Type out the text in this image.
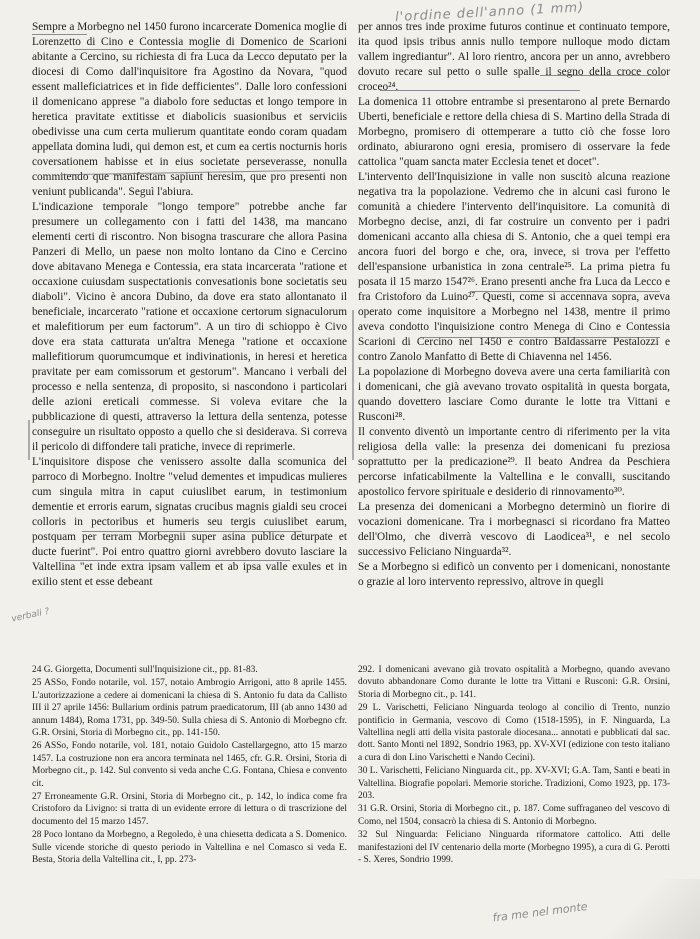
l'ordine dell'anno (1 mm)

Sempre a Morbegno nel 1450 furono incarcerate Domenica moglie di Lorenzetto di Cino e Contessia moglie di Domenico de Scarioni abitante a Cercino, su richiesta di fra Luca da Lecco deputato per la diocesi di Como dall'inquisitore fra Agostino da Novara, "quod essent malleficiatrices et in fide defficientes". Dalle loro confessioni il domenicano apprese "a diabolo fore seductas et longo tempore in heretica pravitate extitisse et diabolicis suasionibus et serviciis obedivisse una cum certa mulierum quantitate eondo coram quadam appellata domina ludi, qui demon est, et cum ea certis nocturnis horis coversationem habisse et in eius societate perseverasse, nonulla commitendo que manifestam sapiunt heresim, que pro presenti non veniunt publicanda". Seguì l'abiura.

L'indicazione temporale "longo tempore" potrebbe anche far presumere un collegamento con i fatti del 1438, ma mancano elementi certi di riscontro. Non bisogna trascurare che allora Pasina Panzeri di Mello, un paese non molto lontano da Cino e Cercino dove abitavano Menega e Contessia, era stata incarcerata "ratione et occaxione cuiusdam suspectationis convesationis bone societatis seu diaboli". Vicino è ancora Dubino, da dove era stato allontanato il beneficiale, incarcerato "ratione et occaxione certorum signaculorum et malefitiorum per eum factorum". A un tiro di schioppo è Civo dove era stata catturata un'altra Menega "ratione et occaxione mallefitiorum quorumcumque et indivinationis, in heresi et heretica pravitate per eam comissorum et gestorum". Mancano i verbali del processo e nella sentenza, di proposito, si nascondono i particolari delle azioni ereticali commesse. Si voleva evitare che la pubblicazione di questi, attraverso la lettura della sentenza, potesse conseguire un risultato opposto a quello che si desiderava. Si correva il pericolo di diffondere tali pratiche, invece di reprimerle.

L'inquisitore dispose che venissero assolte dalla scomunica del parroco di Morbegno. Inoltre "velud dementes et impudicas mulieres cum singula mitra in caput cuiuslibet earum, in testimonium dementie et erroris earum, signatas crucibus magnis gialdi seu crocei colloris in pectoribus et humeris seu tergis cuiuslibet earum, postquam per terram Morbegnii super asina publice deturpate et ducte fuerint". Poi entro quattro giorni avrebbero dovuto lasciare la Valtellina "et inde extra ipsam vallem et ab ipsa valle exules et in exilio stent et esse debeant

per annos tres inde proxime futuros continue et continuato tempore, ita quod ipsis tribus annis nullo tempore nulloque modo dictam vallem ingrediantur". Al loro rientro, ancora per un anno, avrebbero dovuto recare sul petto o sulle spalle il segno della croce color croceo²⁴.

La domenica 11 ottobre entrambe si presentarono al prete Bernardo Uberti, beneficiale e rettore della chiesa di S. Martino della Strada di Morbegno, promisero di ottemperare a tutto ciò che fosse loro ordinato, abiurarono ogni eresia, promisero di osservare la fede cattolica "quam sancta mater Ecclesia tenet et docet".

L'intervento dell'Inquisizione in valle non suscitò alcuna reazione negativa tra la popolazione. Vedremo che in alcuni casi furono le comunità a chiedere l'intervento dell'inquisitore. La comunità di Morbegno decise, anzi, di far costruire un convento per i padri domenicani accanto alla chiesa di S. Antonio, che a quei tempi era ancora fuori del borgo e che, ora, invece, si trova per l'effetto dell'espansione urbanistica in zona centrale²⁵. La prima pietra fu posata il 15 marzo 1547²⁶. Erano presenti anche fra Luca da Lecco e fra Cristoforo da Luino²⁷. Questi, come si accennava sopra, aveva operato come inquisitore a Morbegno nel 1438, mentre il primo aveva condotto l'inquisizione contro Menega di Cino e Contessia Scarioni di Cercino nel 1450 e contro Baldassarre Pestalozzi e contro Zanolo Manfatto di Bette di Chiavenna nel 1456.

La popolazione di Morbegno doveva avere una certa familiarità con i domenicani, che già avevano trovato ospitalità in questa borgata, quando dovettero lasciare Como durante le lotte tra Vittani e Rusconi²⁸.

Il convento diventò un importante centro di riferimento per la vita religiosa della valle: la presenza dei domenicani fu preziosa soprattutto per la predicazione²⁹. Il beato Andrea da Peschiera percorse infaticabilmente la Valtellina e le convalli, suscitando apostolico fervore spirituale e desiderio di rinnovamento³⁰.

La presenza dei domenicani a Morbegno determinò un fiorire di vocazioni domenicane. Tra i morbegnasci si ricordano fra Matteo dell'Olmo, che diverrà vescovo di Laodicea³¹, e nel secolo successivo Feliciano Ninguarda³².

Se a Morbegno si edificò un convento per i domenicani, nonostante o grazie al loro intervento repressivo, altrove in quegli

24 G. Giorgetta, Documenti sull'Inquisizione cit., pp. 81-83.

25 ASSo, Fondo notarile, vol. 157, notaio Ambrogio Arrigoni, atto 8 aprile 1455. L'autorizzazione a cedere ai domenicani la chiesa di S. Antonio fu data da Callisto III il 27 aprile 1456: Bullarium ordinis patrum praedicatorum, III (ab anno 1430 ad annum 1484), Roma 1731, pp. 349-50. Sulla chiesa di S. Antonio di Morbegno cfr. G.R. Orsini, Storia di Morbegno cit., pp. 141-150.

26 ASSo, Fondo notarile, vol. 181, notaio Guidolo Castellargegno, atto 15 marzo 1457. La costruzione non era ancora terminata nel 1465, cfr. G.R. Orsini, Storia di Morbegno cit., p. 142. Sul convento si veda anche C.G. Fontana, Chiesa e convento cit.

27 Erroneamente G.R. Orsini, Storia di Morbegno cit., p. 142, lo indica come fra Cristoforo da Livigno: si tratta di un evidente errore di lettura o di trascrizione del documento del 15 marzo 1457.

28 Poco lontano da Morbegno, a Regoledo, è una chiesetta dedicata a S. Domenico. Sulle vicende storiche di questo periodo in Valtellina e nel Comasco si veda E. Besta, Storia della Valtellina cit., I, pp. 273-

292. I domenicani avevano già trovato ospitalità a Morbegno, quando avevano dovuto abbandonare Como durante le lotte tra Vittani e Rusconi: G.R. Orsini, Storia di Morbegno cit., p. 141.

29 L. Varischetti, Feliciano Ninguarda teologo al concilio di Trento, nunzio pontificio in Germania, vescovo di Como (1518-1595), in F. Ninguarda, La Valtellina negli atti della visita pastorale diocesana... annotati e pubblicati dal sac. dott. Santo Monti nel 1892, Sondrio 1963, pp. XV-XVI (edizione con testo italiano a cura di don Lino Varischetti e Nando Cecini).

30 L. Varischetti, Feliciano Ninguarda cit., pp. XV-XVI; G.A. Tam, Santi e beati in Valtellina. Biografie popolari. Memorie storiche. Tradizioni, Como 1923, pp. 173-203.

31 G.R. Orsini, Storia di Morbegno cit., p. 187. Come suffraganeo del vescovo di Como, nel 1504, consacrò la chiesa di S. Antonio di Morbegno.

32 Sul Ninguarda: Feliciano Ninguarda riformatore cattolico. Atti delle manifestazioni del IV centenario della morte (Morbegno 1995), a cura di G. Perotti - S. Xeres, Sondrio 1999.

verbali ?
fra me nel monte
